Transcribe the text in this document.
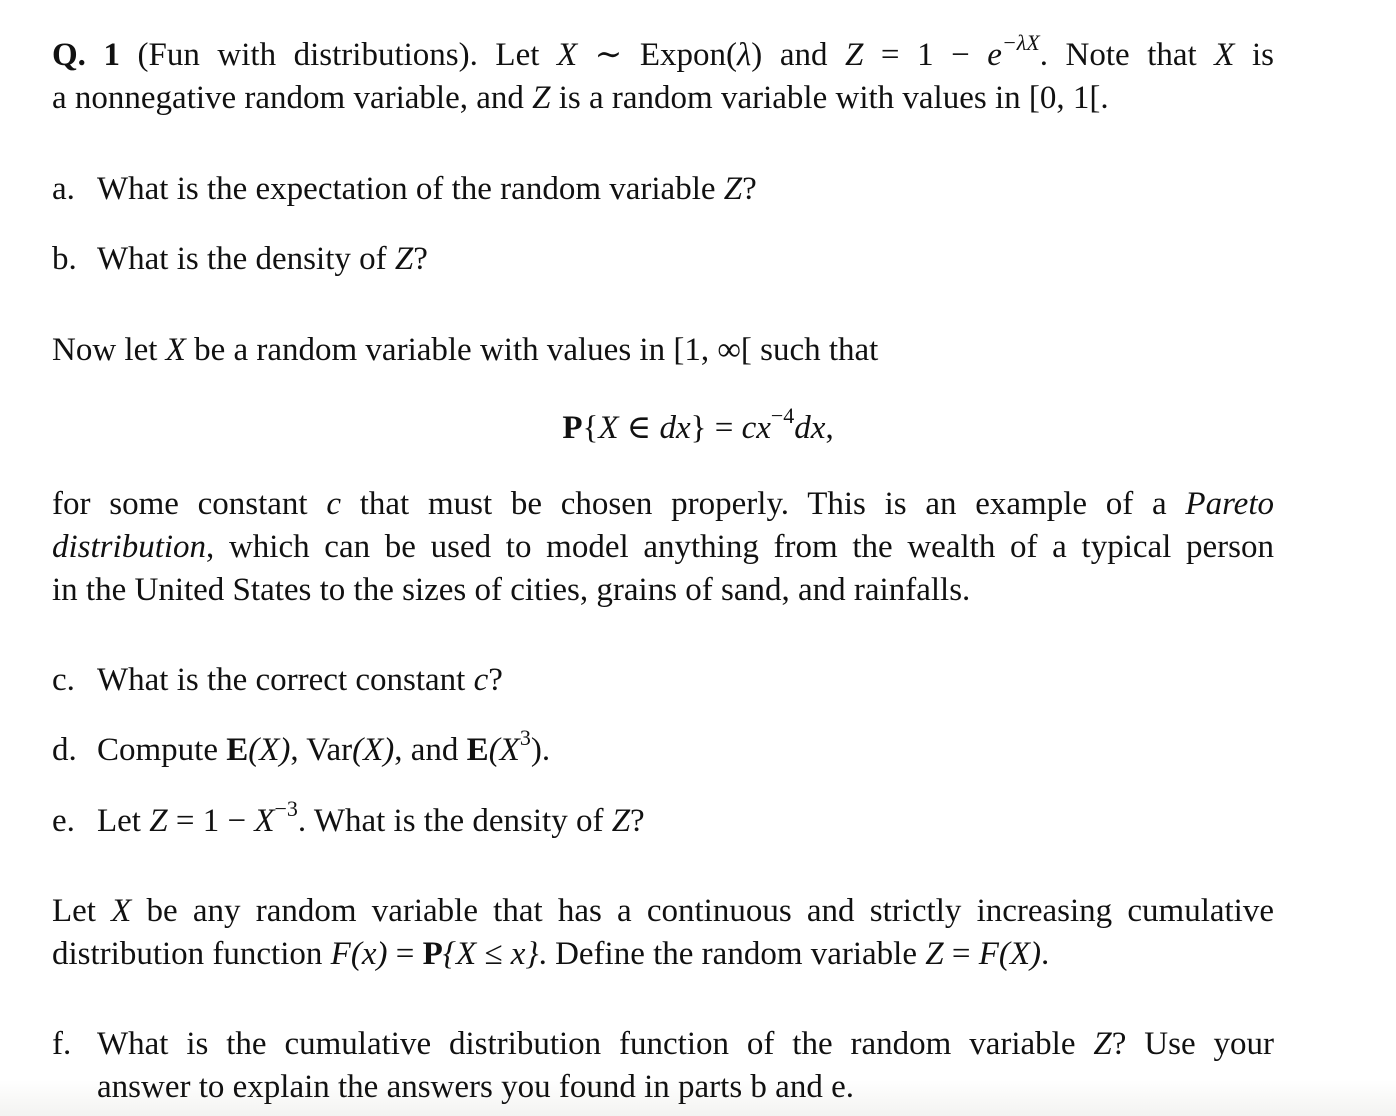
Q. 1 (Fun with distributions). Let X ∼ Expon(λ) and $Z = 1 - e^{-\lambda X}$. Note that X is
a nonnegative random variable, and Z is a random variable with values in [0, 1[.
a. What is the expectation of the random variable Z?
b. What is the density of Z?
Now let X be a random variable with values in [1, ∞[ such that
P{X ∈ $dx\} = cx^{-4}dx$,
for some constant c that must be chosen properly. This is an example of a Pareto
distribution, which can be used to model anything from the wealth of a typical person
in the United States to the sizes of cities, grains of sand, and rainfalls.
c. What is the correct constant c?
d. Compute E(X), Var(X), and $E(X^3)$.
e. Let $Z = 1 - X^{-3}$. What is the density of Z?
Let X be any random variable that has a continuous and strictly increasing cumulative
distribution function F(x) = P{X ≤ x}. Define the random variable Z = F(X).
f. What is the cumulative distribution function of the random variable Z? Use your
answer to explain the answers you found in parts b and e.
